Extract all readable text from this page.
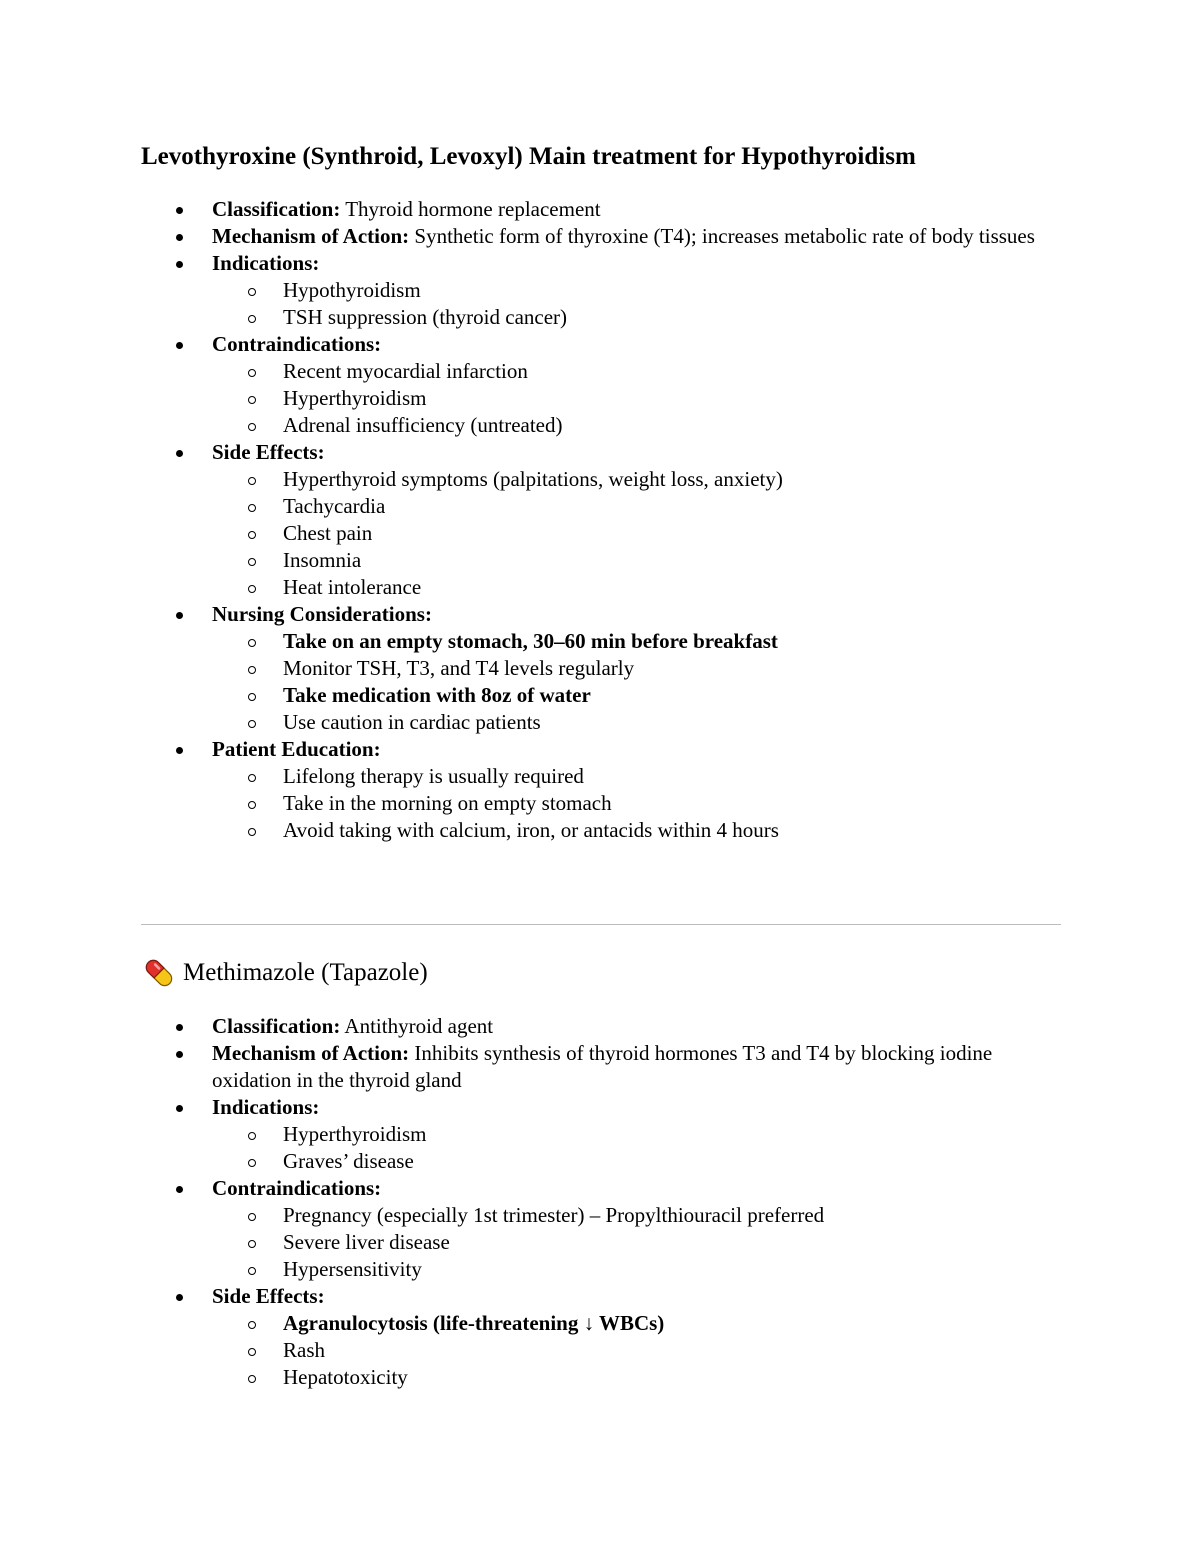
Levothyroxine (Synthroid, Levoxyl) Main treatment for Hypothyroidism
Classification: Thyroid hormone replacement
Mechanism of Action: Synthetic form of thyroxine (T4); increases metabolic rate of body tissues
Indications:
Hypothyroidism
TSH suppression (thyroid cancer)
Contraindications:
Recent myocardial infarction
Hyperthyroidism
Adrenal insufficiency (untreated)
Side Effects:
Hyperthyroid symptoms (palpitations, weight loss, anxiety)
Tachycardia
Chest pain
Insomnia
Heat intolerance
Nursing Considerations:
Take on an empty stomach, 30–60 min before breakfast
Monitor TSH, T3, and T4 levels regularly
Take medication with 8oz of water
Use caution in cardiac patients
Patient Education:
Lifelong therapy is usually required
Take in the morning on empty stomach
Avoid taking with calcium, iron, or antacids within 4 hours
Methimazole (Tapazole)
Classification: Antithyroid agent
Mechanism of Action: Inhibits synthesis of thyroid hormones T3 and T4 by blocking iodine oxidation in the thyroid gland
Indications:
Hyperthyroidism
Graves’ disease
Contraindications:
Pregnancy (especially 1st trimester) – Propylthiouracil preferred
Severe liver disease
Hypersensitivity
Side Effects:
Agranulocytosis (life-threatening ↓ WBCs)
Rash
Hepatotoxicity
